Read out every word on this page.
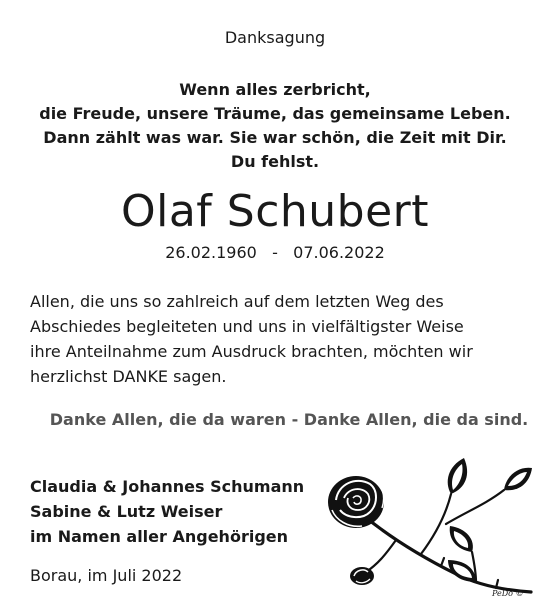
Danksagung
Wenn alles zerbricht,
die Freude, unsere Träume, das gemeinsame Leben.
Dann zählt was war. Sie war schön, die Zeit mit Dir.
Du fehlst.
Olaf Schubert
26.02.1960 - 07.06.2022
Allen, die uns so zahlreich auf dem letzten Weg des
Abschiedes begleiteten und uns in vielfältigster Weise
ihre Anteilnahme zum Ausdruck brachten, möchten wir
herzlichst DANKE sagen.
Danke Allen, die da waren - Danke Allen, die da sind.
Claudia & Johannes Schumann
Sabine & Lutz Weiser
im Namen aller Angehörigen
Borau, im Juli 2022
PeDo ©
